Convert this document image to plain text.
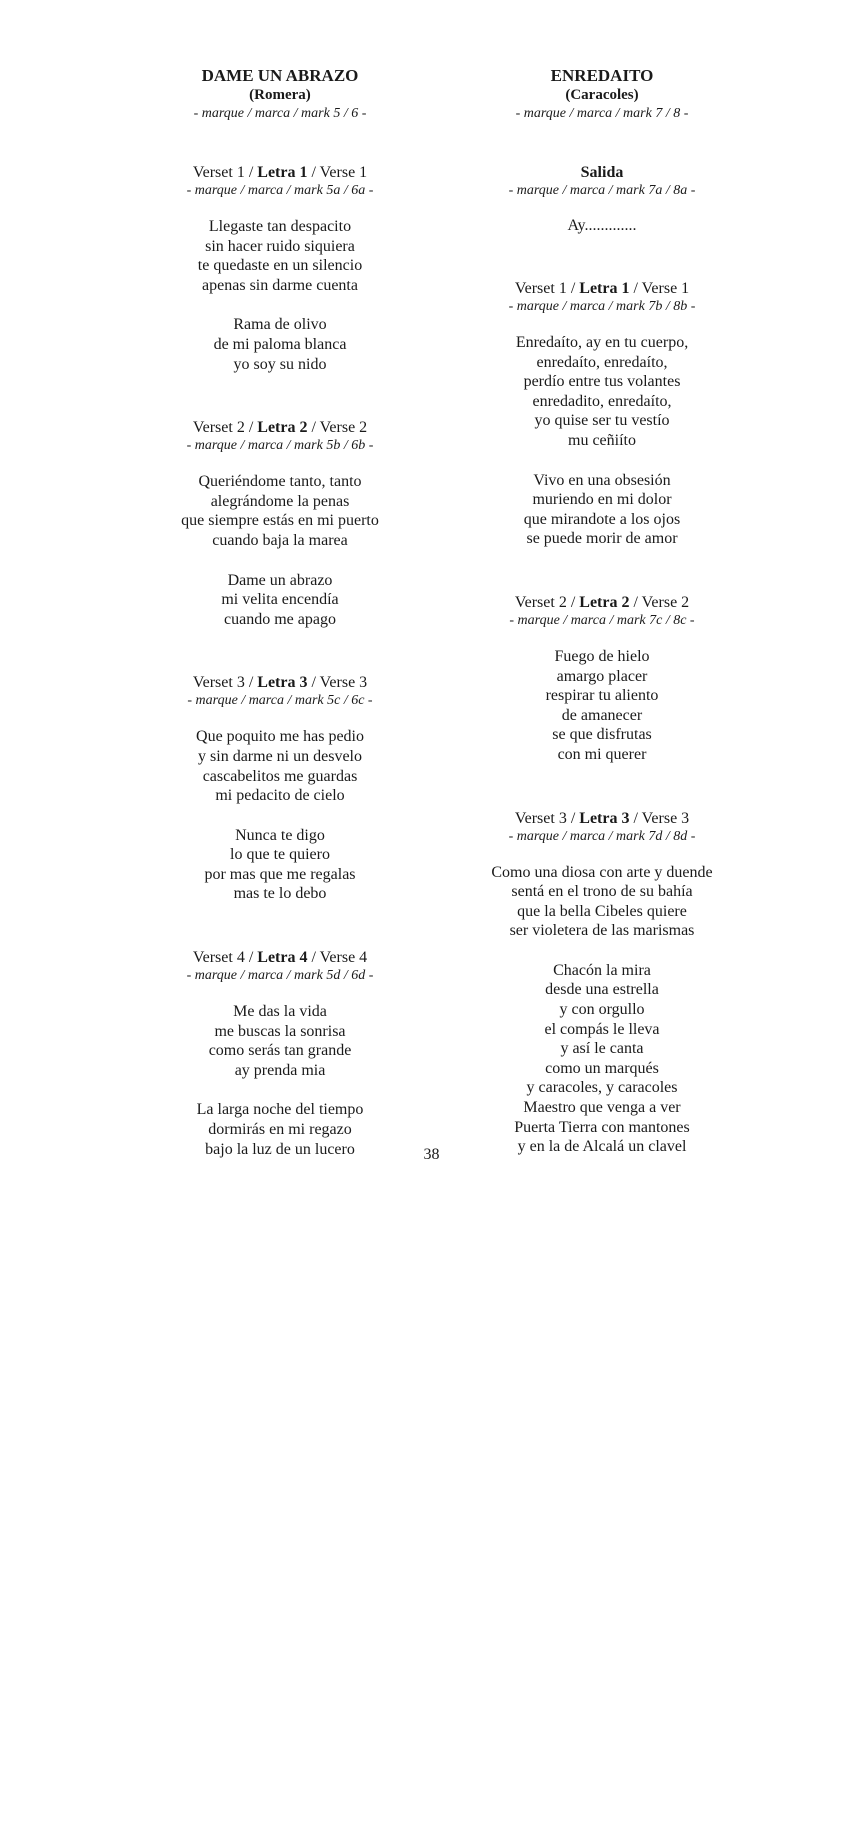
DAME UN ABRAZO
(Romera)
- marque / marca / mark 5 / 6 -
Verset 1 / Letra 1 / Verse 1
- marque / marca / mark 5a / 6a -
Llegaste tan despacito
sin hacer ruido siquiera
te quedaste en un silencio
apenas sin darme cuenta
Rama de olivo
de mi paloma blanca
yo soy su nido
Verset 2 / Letra 2 / Verse 2
- marque / marca / mark 5b / 6b -
Queriéndome tanto, tanto
alegrándome la penas
que siempre estás en mi puerto
cuando baja la marea
Dame un abrazo
mi velita encendía
cuando me apago
Verset 3 / Letra 3 / Verse 3
- marque / marca / mark 5c / 6c -
Que poquito me has pedio
y sin darme ni un desvelo
cascabelitos me guardas
mi pedacito de cielo
Nunca te digo
lo que te quiero
por mas que me regalas
mas te lo debo
Verset 4 / Letra 4 / Verse 4
- marque / marca / mark 5d / 6d -
Me das la vida
me buscas la sonrisa
como serás tan grande
ay prenda mia
La larga noche del tiempo
dormirás en mi regazo
bajo la luz de un lucero
ENREDAITO
(Caracoles)
- marque / marca / mark 7 / 8 -
Salida
- marque / marca / mark 7a / 8a -
Ay.............
Verset 1 / Letra 1 / Verse 1
- marque / marca / mark 7b / 8b -
Enredaíto, ay en tu cuerpo,
enredaíto, enredaíto,
perdío entre tus volantes
enredadito, enredaíto,
yo quise ser tu vestío
mu ceñiíto
Vivo en una obsesión
muriendo en mi dolor
que mirandote a los ojos
se puede morir de amor
Verset 2 / Letra 2 / Verse 2
- marque / marca / mark 7c / 8c -
Fuego de hielo
amargo placer
respirar tu aliento
de amanecer
se que disfrutas
con mi querer
Verset 3 / Letra 3 / Verse 3
- marque / marca / mark 7d / 8d -
Como una diosa con arte y duende
sentá en el trono de su bahía
que la bella Cibeles quiere
ser violetera de las marismas
Chacón la mira
desde una estrella
y con orgullo
el compás le lleva
y así le canta
como un marqués
y caracoles, y caracoles
Maestro que venga a ver
Puerta Tierra con mantones
y en la de Alcalá un clavel
38
